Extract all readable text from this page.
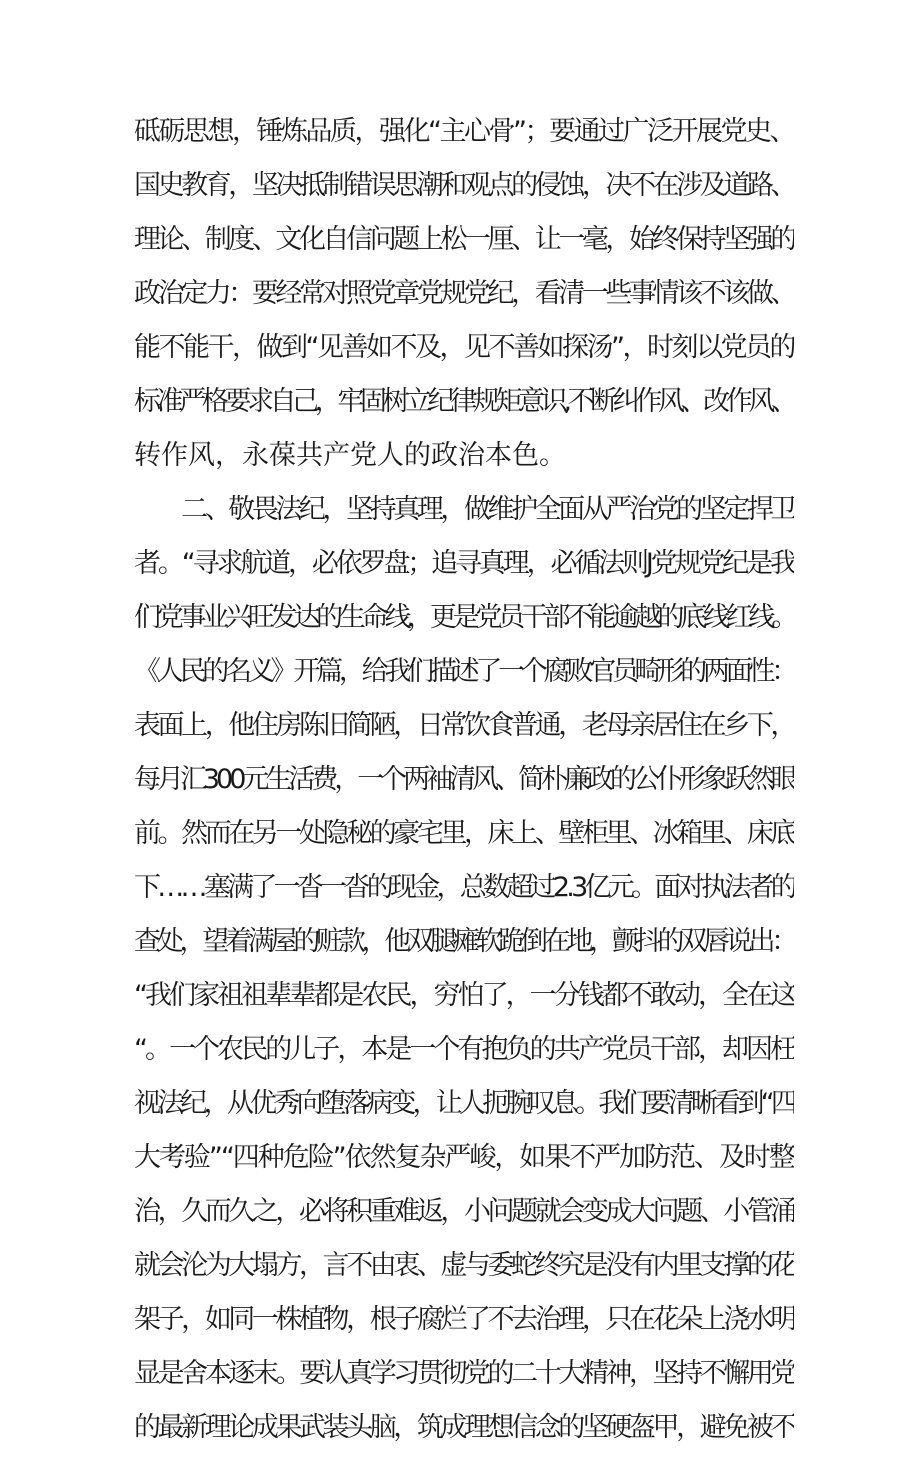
砥砺思想，锤炼品质，强化“主心骨”；要通过广泛开展党史、
国史教育，坚决抵制错误思潮和观点的侵蚀，决不在涉及道路、
理论、制度、文化自信问题上松一厘、让一毫，始终保持坚强的
政治定力：要经常对照党章党规党纪，看清一些事情该不该做、
能不能干，做到“见善如不及，见不善如探汤”，时刻以党员的
标准严格要求自己，牢固树立纪律规矩意识,不断纠作风、改作风、
转作风，永葆共产党人的政治本色。
　　二、敬畏法纪，坚持真理，做维护全面从严治党的坚定捍卫
者。“寻求航道，必依罗盘；追寻真理，必循法则J党规党纪是我
们党事业兴旺发达的生命线，更是党员干部不能逾越的底线红线。
《人民的名义》开篇，给我们描述了一个腐败官员畸形的两面性：
表面上，他住房陈旧简陋，日常饮食普通，老母亲居住在乡下，
每月汇300元生活费，一个两袖清风、简朴廉政的公仆形象跃然眼
前。然而在另一处隐秘的豪宅里，床上、壁柜里、冰箱里、床底
下……塞满了一沓一沓的现金，总数超过2.3亿元。面对执法者的
查处，望着满屋的赃款，他双腿瘫软跪倒在地，颤抖的双唇说出：
“我们家祖祖辈辈都是农民，穷怕了，一分钱都不敢动，全在这
“。一个农民的儿子，本是一个有抱负的共产党员干部，却因枉
视法纪，从优秀向堕落病变，让人扼腕叹息。我们要清晰看到“四
大考验”“四种危险”依然复杂严峻，如果不严加防范、及时整
治，久而久之，必将积重难返，小问题就会变成大问题、小管涌
就会沦为大塌方，言不由衷、虚与委蛇终究是没有内里支撑的花
架子，如同一株植物，根子腐烂了不去治理，只在花朵上浇水明
显是舍本逐末。要认真学习贯彻党的二十大精神，坚持不懈用党
的最新理论成果武装头脑，筑成理想信念的坚硬盔甲，避免被不
